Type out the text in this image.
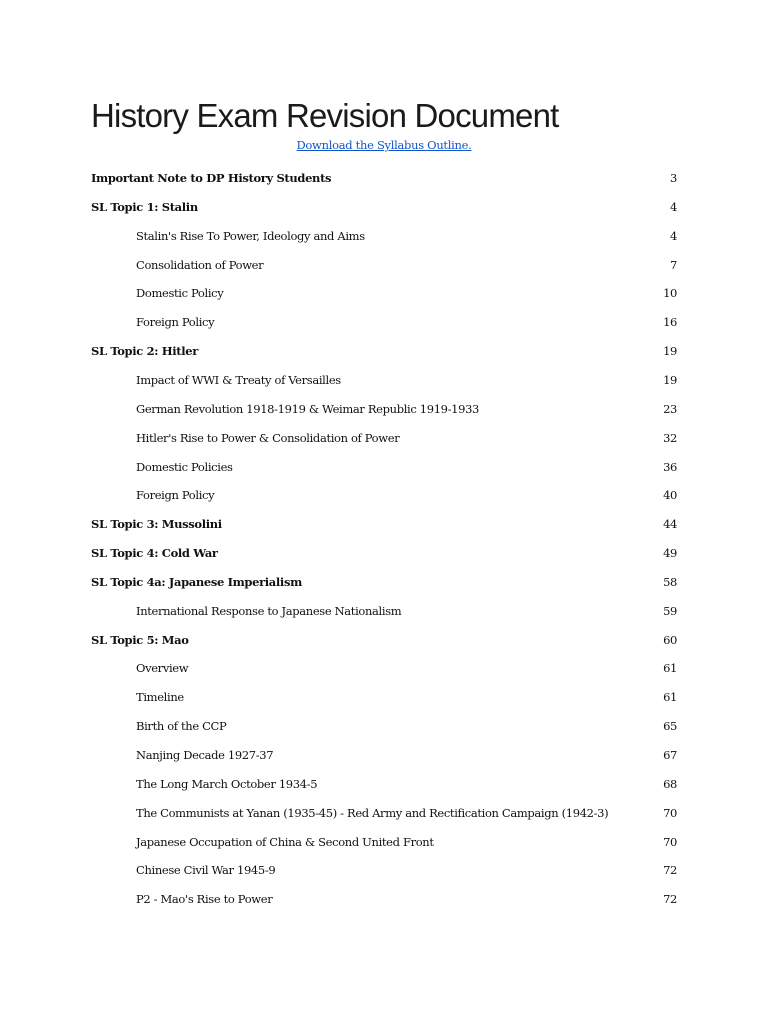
History Exam Revision Document
Download the Syllabus Outline.
Important Note to DP History Students	3
SL Topic 1: Stalin	4
Stalin's Rise To Power, Ideology and Aims	4
Consolidation of Power	7
Domestic Policy	10
Foreign Policy	16
SL Topic 2: Hitler	19
Impact of WWI & Treaty of Versailles	19
German Revolution 1918-1919 & Weimar Republic 1919-1933	23
Hitler's Rise to Power & Consolidation of Power	32
Domestic Policies	36
Foreign Policy	40
SL Topic 3: Mussolini	44
SL Topic 4: Cold War	49
SL Topic 4a: Japanese Imperialism	58
International Response to Japanese Nationalism	59
SL Topic 5: Mao	60
Overview	61
Timeline	61
Birth of the CCP	65
Nanjing Decade 1927-37	67
The Long March October 1934-5	68
The Communists at Yanan (1935-45) - Red Army and Rectification Campaign (1942-3)	70
Japanese Occupation of China & Second United Front	70
Chinese Civil War 1945-9	72
P2 - Mao's Rise to Power	72
